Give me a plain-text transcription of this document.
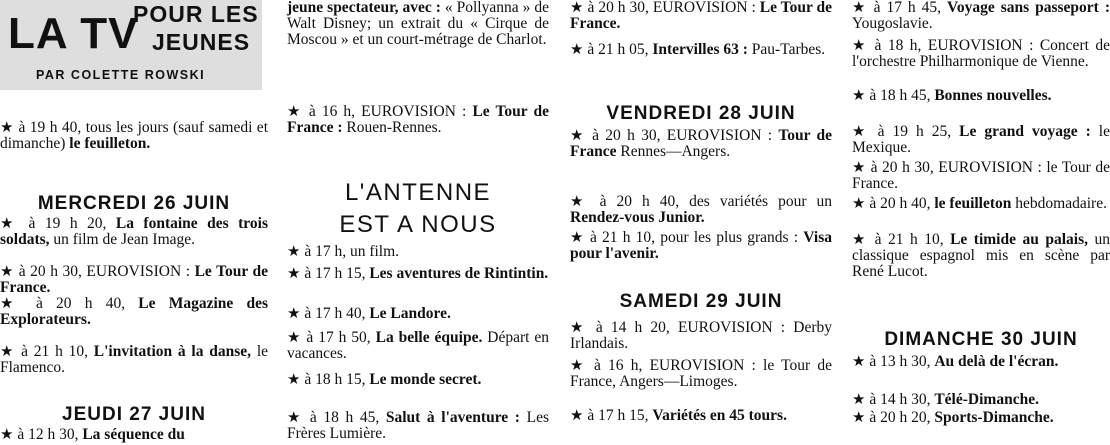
LA TV
POUR LES
JEUNES
PAR COLETTE ROWSKI
★ à 19 h 40, tous les jours (sauf samedi et dimanche) le feuilleton.
MERCREDI 26 JUIN
★ à 19 h 20, La fontaine des trois soldats, un film de Jean Image.
★ à 20 h 30, EUROVISION : Le Tour de France.
★ à 20 h 40, Le Magazine des Explorateurs.
★ à 21 h 10, L'invitation à la danse, le Flamenco.
JEUDI 27 JUIN
★ à 12 h 30, La séquence du
jeune spectateur, avec : « Pollyanna » de Walt Disney; un extrait du « Cirque de Moscou » et un court-métrage de Charlot.
★ à 16 h, EUROVISION : Le Tour de France : Rouen-Rennes.
L'ANTENNE
EST A NOUS
★ à 17 h, un film.
★ à 17 h 15, Les aventures de Rintintin.
★ à 17 h 40, Le Landore.
★ à 17 h 50, La belle équipe. Départ en vacances.
★ à 18 h 15, Le monde secret.
★ à 18 h 45, Salut à l'aventure : Les Frères Lumière.
★ à 20 h 30, EUROVISION : Le Tour de France.
★ à 21 h 05, Intervilles 63 : Pau-Tarbes.
VENDREDI 28 JUIN
★ à 20 h 30, EUROVISION : Tour de France Rennes—Angers.
★ à 20 h 40, des variétés pour un Rendez-vous Junior.
★ à 21 h 10, pour les plus grands : Visa pour l'avenir.
SAMEDI 29 JUIN
★ à 14 h 20, EUROVISION : Derby Irlandais.
★ à 16 h, EUROVISION : le Tour de France, Angers—Limoges.
★ à 17 h 15, Variétés en 45 tours.
★ à 17 h 45, Voyage sans passeport : Yougoslavie.
★ à 18 h, EUROVISION : Concert de l'orchestre Philharmonique de Vienne.
★ à 18 h 45, Bonnes nouvelles.
★ à 19 h 25, Le grand voyage : le Mexique.
★ à 20 h 30, EUROVISION : le Tour de France.
★ à 20 h 40, le feuilleton hebdomadaire.
★ à 21 h 10, Le timide au palais, un classique espagnol mis en scène par René Lucot.
DIMANCHE 30 JUIN
★ à 13 h 30, Au delà de l'écran.
★ à 14 h 30, Télé-Dimanche.
★ à 20 h 20, Sports-Dimanche.
